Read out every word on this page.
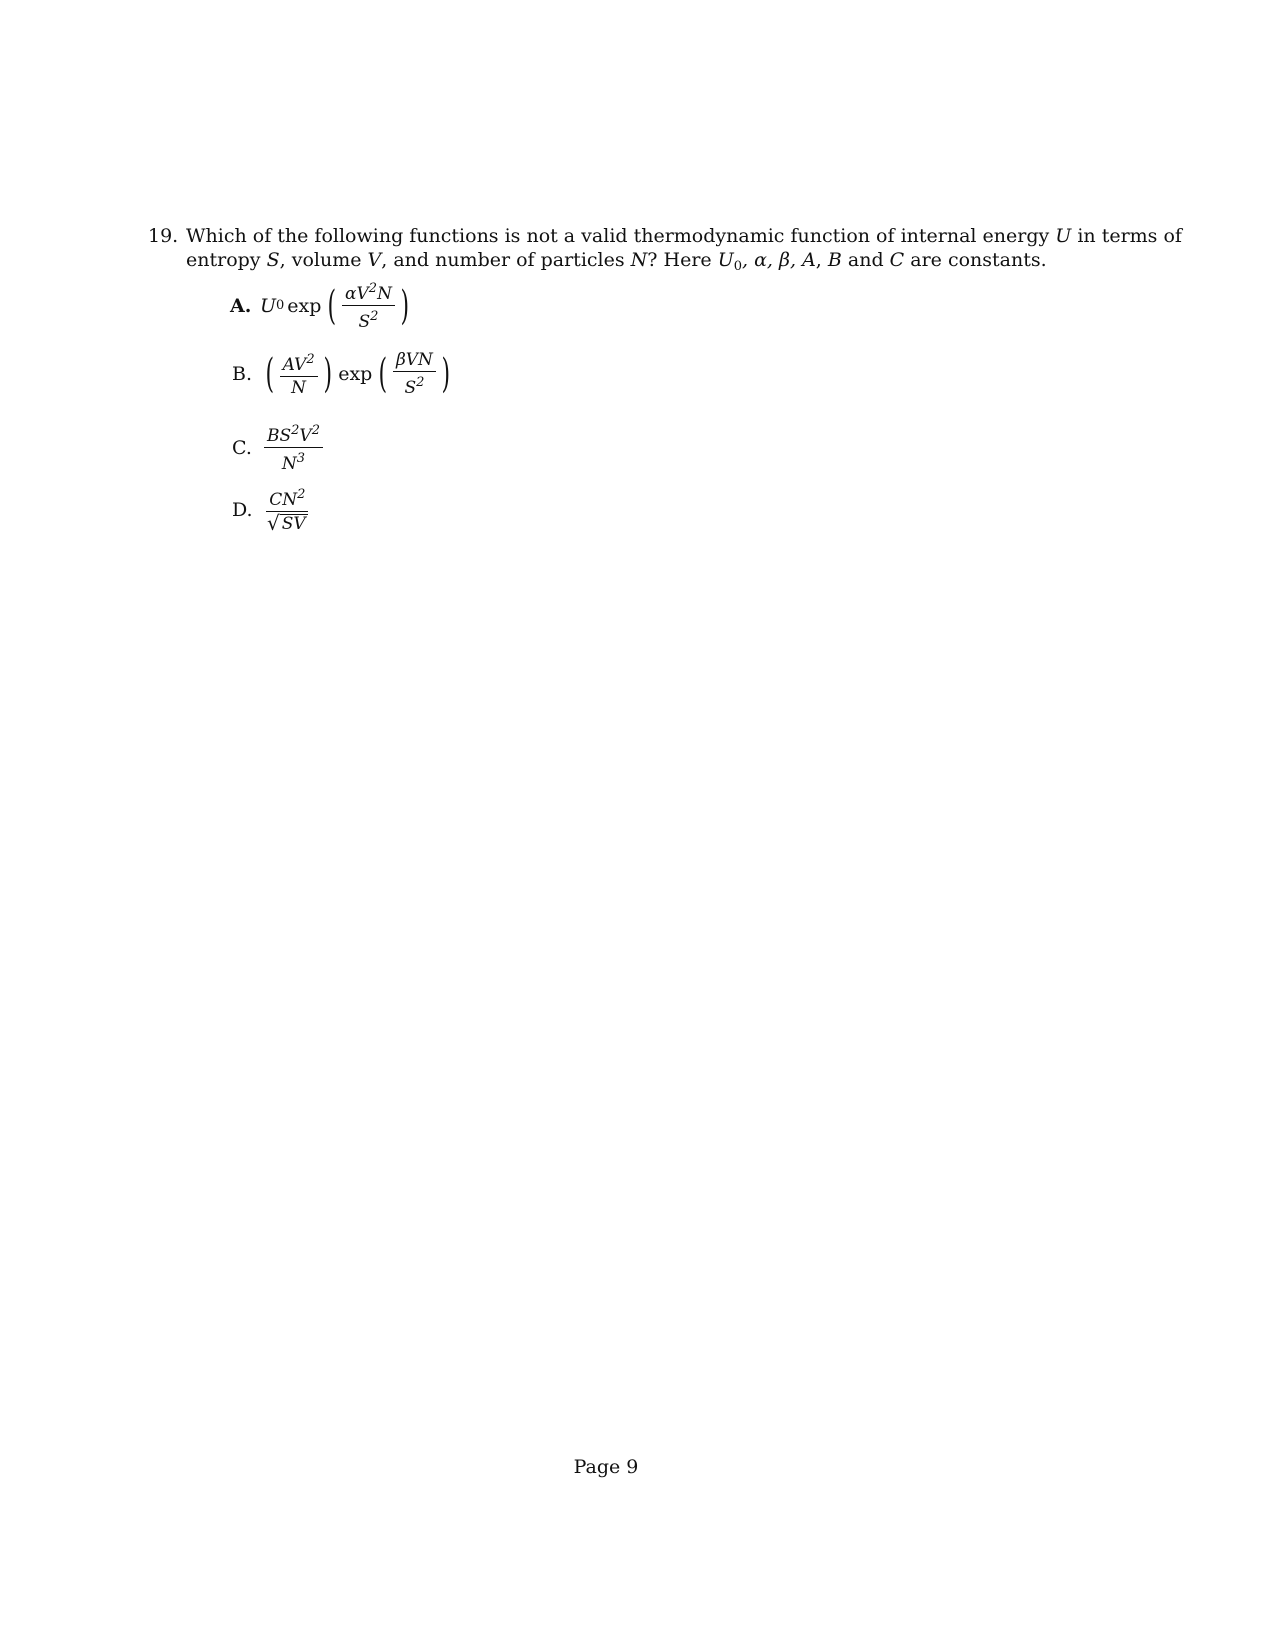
19. Which of the following functions is not a valid thermodynamic function of internal energy U in terms of
entropy S, volume V, and number of particles N? Here $U_0$, α, β, A, B and C are constants.
A. U 0 exp ( $\frac{\alpha V^2N}{S^2}$ )
B. ( $\frac{AV^2}{N}$ ) exp ( $\frac{\text{βVN}}{S^2}$ )
C. $\frac{BS^2V^2}{N^3}$
D. $\frac{CN^2}{√ SV}$
Page 9
